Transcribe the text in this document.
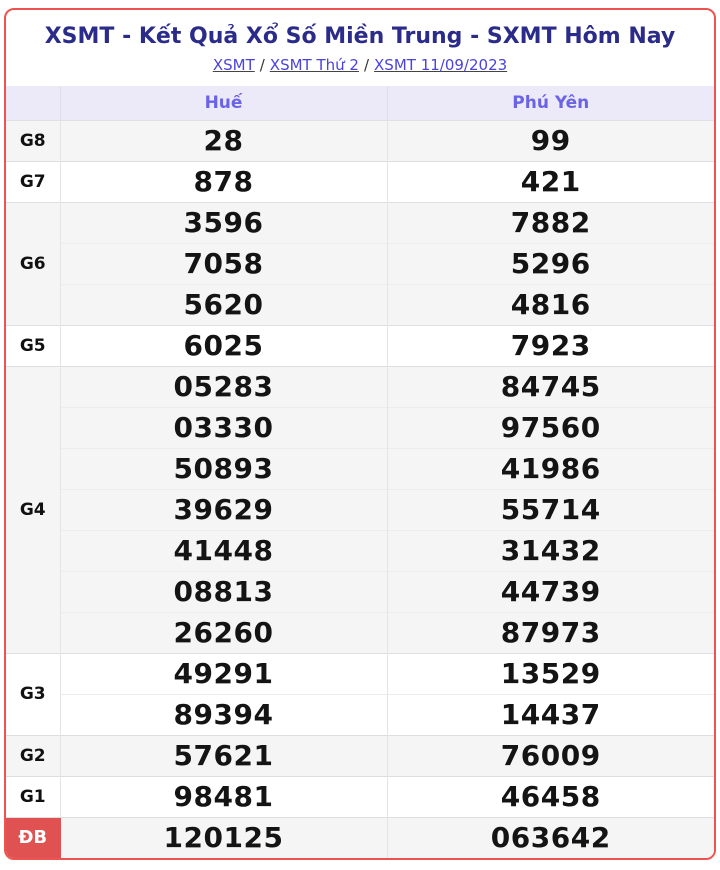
XSMT - Kết Quả Xổ Số Miền Trung - SXMT Hôm Nay
XSMT / XSMT Thứ 2 / XSMT 11/09/2023
	Huế	Phú Yên
G8	28	99
G7	878	421
G6	3596	7882
	7058	5296
	5620	4816
G5	6025	7923
G4	05283	84745
	03330	97560
	50893	41986
	39629	55714
	41448	31432
	08813	44739
	26260	87973
G3	49291	13529
	89394	14437
G2	57621	76009
G1	98481	46458
ĐB	120125	063642
